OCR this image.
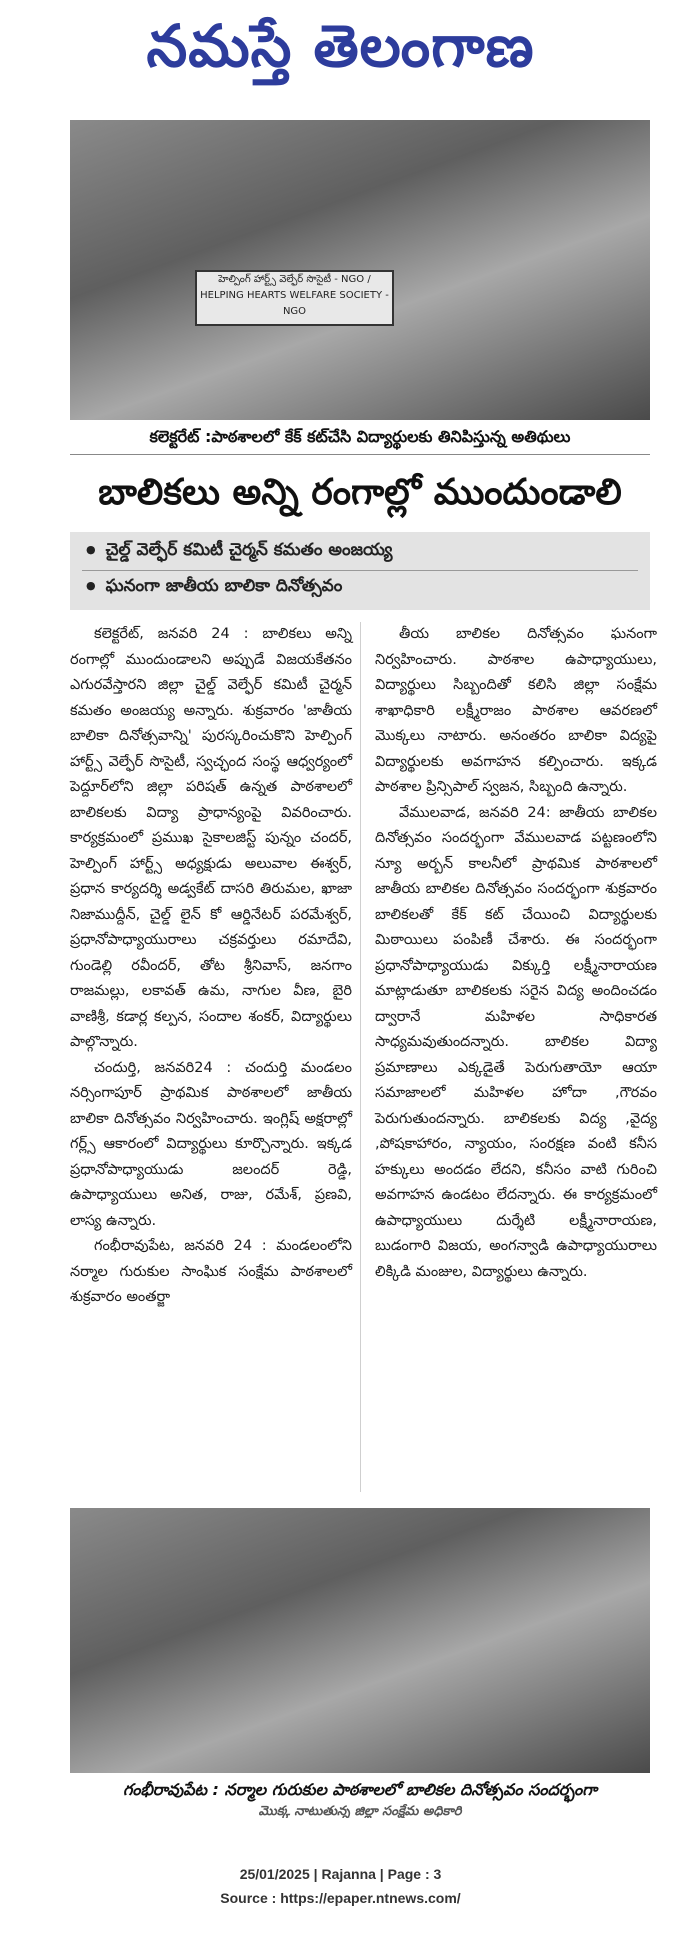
నమస్తే తెలంగాణ
హెల్పింగ్ హార్ట్స్ వెల్ఫేర్ సొసైటీ - NGO / HELPING HEARTS WELFARE SOCIETY - NGO
కలెక్టరేట్ :పాఠశాలలో కేక్ కట్‌చేసి విద్యార్థులకు తినిపిస్తున్న అతిథులు
బాలికలు అన్ని రంగాల్లో ముందుండాలి
● చైల్డ్ వెల్ఫేర్ కమిటీ చైర్మన్ కమతం అంజయ్య
● ఘనంగా జాతీయ బాలికా దినోత్సవం

కలెక్టరేట్, జనవరి 24 : బాలికలు అన్ని రంగాల్లో ముందుండాలని అప్పుడే విజయకేతనం ఎగురవేస్తారని జిల్లా చైల్డ్ వెల్ఫేర్ కమిటీ చైర్మన్ కమతం అంజయ్య అన్నారు. శుక్రవారం 'జాతీయ బాలికా దినోత్సవాన్ని' పురస్కరించుకొని హెల్పింగ్ హార్ట్స్ వెల్ఫేర్ సొసైటీ, స్వచ్ఛంద సంస్థ ఆధ్వర్యంలో పెద్దూర్‌లోని జిల్లా పరిషత్ ఉన్నత పాఠశాలలో బాలికలకు విద్యా ప్రాధాన్యంపై వివరించారు. కార్యక్రమంలో ప్రముఖ సైకాలజిస్ట్ పున్నం చందర్, హెల్పింగ్ హార్ట్స్ అధ్యక్షుడు అలువాల ఈశ్వర్, ప్రధాన కార్యదర్శి అడ్వకేట్ దాసరి తిరుమల, ఖాజా నిజాముద్దీన్, చైల్డ్ లైన్ కో ఆర్డినేటర్ పరమేశ్వర్, ప్రధానోపాధ్యాయురాలు చక్రవర్తులు రమాదేవి, గుండెల్లి రవీందర్, తోట శ్రీనివాస్, జనగాం రాజమల్లు, లకావత్ ఉమ, నాగుల వీణ, బైరి వాణిశ్రీ, కడార్ల కల్పన, సందాల శంకర్, విద్యార్థులు పాల్గొన్నారు.

చందుర్తి, జనవరి24 : చందుర్తి మండలం నర్సింగాపూర్ ప్రాథమిక పాఠశాలలో జాతీయ బాలికా దినోత్సవం నిర్వహించారు. ఇంగ్లిష్ అక్షరాల్లో గర్ల్స్ ఆకారంలో విద్యార్థులు కూర్చొన్నారు. ఇక్కడ ప్రధానోపాధ్యాయుడు జలందర్ రెడ్డి, ఉపాధ్యాయులు అనిత, రాజు, రమేశ్, ప్రణవి, లాస్య ఉన్నారు.

గంభీరావుపేట, జనవరి 24 : మండలంలోని నర్మాల గురుకుల సాంఘిక సంక్షేమ పాఠశాలలో శుక్రవారం అంతర్జా

తీయ బాలికల దినోత్సవం ఘనంగా నిర్వహించారు. పాఠశాల ఉపాధ్యాయులు, విద్యార్థులు సిబ్బందితో కలిసి జిల్లా సంక్షేమ శాఖాధికారి లక్ష్మీరాజం పాఠశాల ఆవరణలో మొక్కలు నాటారు. అనంతరం బాలికా విద్యపై విద్యార్థులకు అవగాహన కల్పించారు. ఇక్కడ పాఠశాల ప్రిన్సిపాల్ స్వజన, సిబ్బంది ఉన్నారు.

వేములవాడ, జనవరి 24: జాతీయ బాలికల దినోత్సవం సందర్భంగా వేములవాడ పట్టణంలోని న్యూ అర్బన్ కాలనీలో ప్రాథమిక పాఠశాలలో జాతీయ బాలికల దినోత్సవం సందర్భంగా శుక్రవారం బాలికలతో కేక్ కట్ చేయించి విద్యార్థులకు మిఠాయిలు పంపిణీ చేశారు. ఈ సందర్భంగా ప్రధానోపాధ్యాయుడు విక్కుర్తి లక్ష్మీనారాయణ మాట్లాడుతూ బాలికలకు సరైన విద్య అందించడం ద్వారానే మహిళల సాధికారత సాధ్యమవుతుందన్నారు. బాలికల విద్యా ప్రమాణాలు ఎక్కడైతే పెరుగుతాయో ఆయా సమాజాలలో మహిళల హోదా ,గౌరవం పెరుగుతుందన్నారు. బాలికలకు విద్య ,వైద్య ,పోషకాహారం, న్యాయం, సంరక్షణ వంటి కనీస హక్కులు అందడం లేదని, కనీసం వాటి గురించి అవగాహన ఉండటం లేదన్నారు. ఈ కార్యక్రమంలో ఉపాధ్యాయులు దుర్శేటి లక్ష్మీనారాయణ, బుడంగారి విజయ, అంగన్వాడి ఉపాధ్యాయురాలు లిక్కిడి మంజుల, విద్యార్థులు ఉన్నారు.

గంభీరావుపేట : నర్మాల గురుకుల పాఠశాలలో బాలికల దినోత్సవం సందర్భంగా
మొక్క నాటుతున్న జిల్లా సంక్షేమ అధికారి
25/01/2025 | Rajanna | Page : 3
Source : https://epaper.ntnews.com/
